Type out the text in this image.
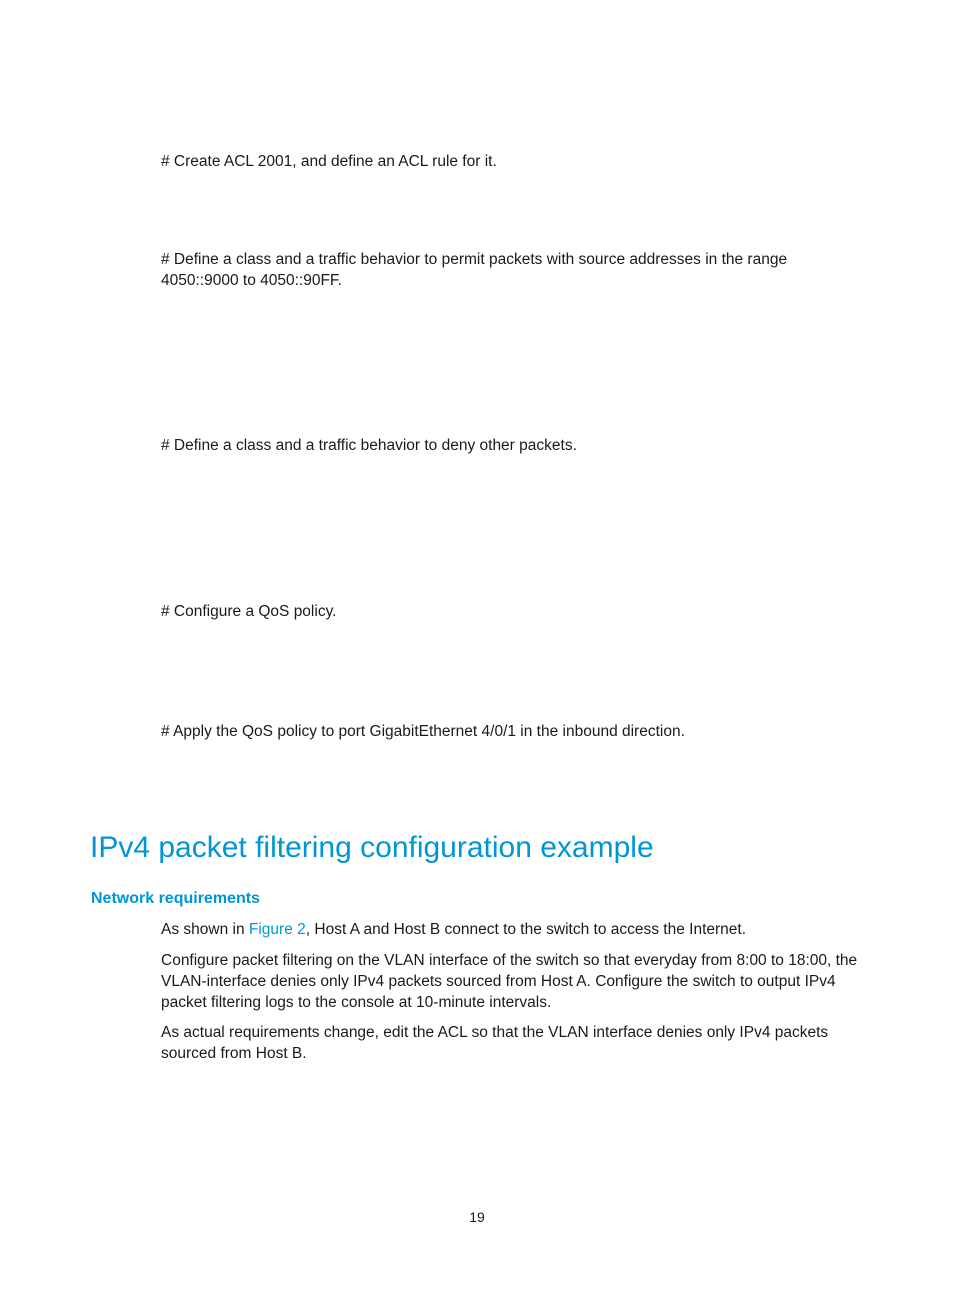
# Create ACL 2001, and define an ACL rule for it.

# Define a class and a traffic behavior to permit packets with source addresses in the range 4050::9000 to 4050::90FF.

# Define a class and a traffic behavior to deny other packets.

# Configure a QoS policy.

# Apply the QoS policy to port GigabitEthernet 4/0/1 in the inbound direction.

IPv4 packet filtering configuration example
Network requirements

As shown in Figure 2, Host A and Host B connect to the switch to access the Internet.

Configure packet filtering on the VLAN interface of the switch so that everyday from 8:00 to 18:00, the VLAN-interface denies only IPv4 packets sourced from Host A. Configure the switch to output IPv4 packet filtering logs to the console at 10-minute intervals.

As actual requirements change, edit the ACL so that the VLAN interface denies only IPv4 packets sourced from Host B.

19
